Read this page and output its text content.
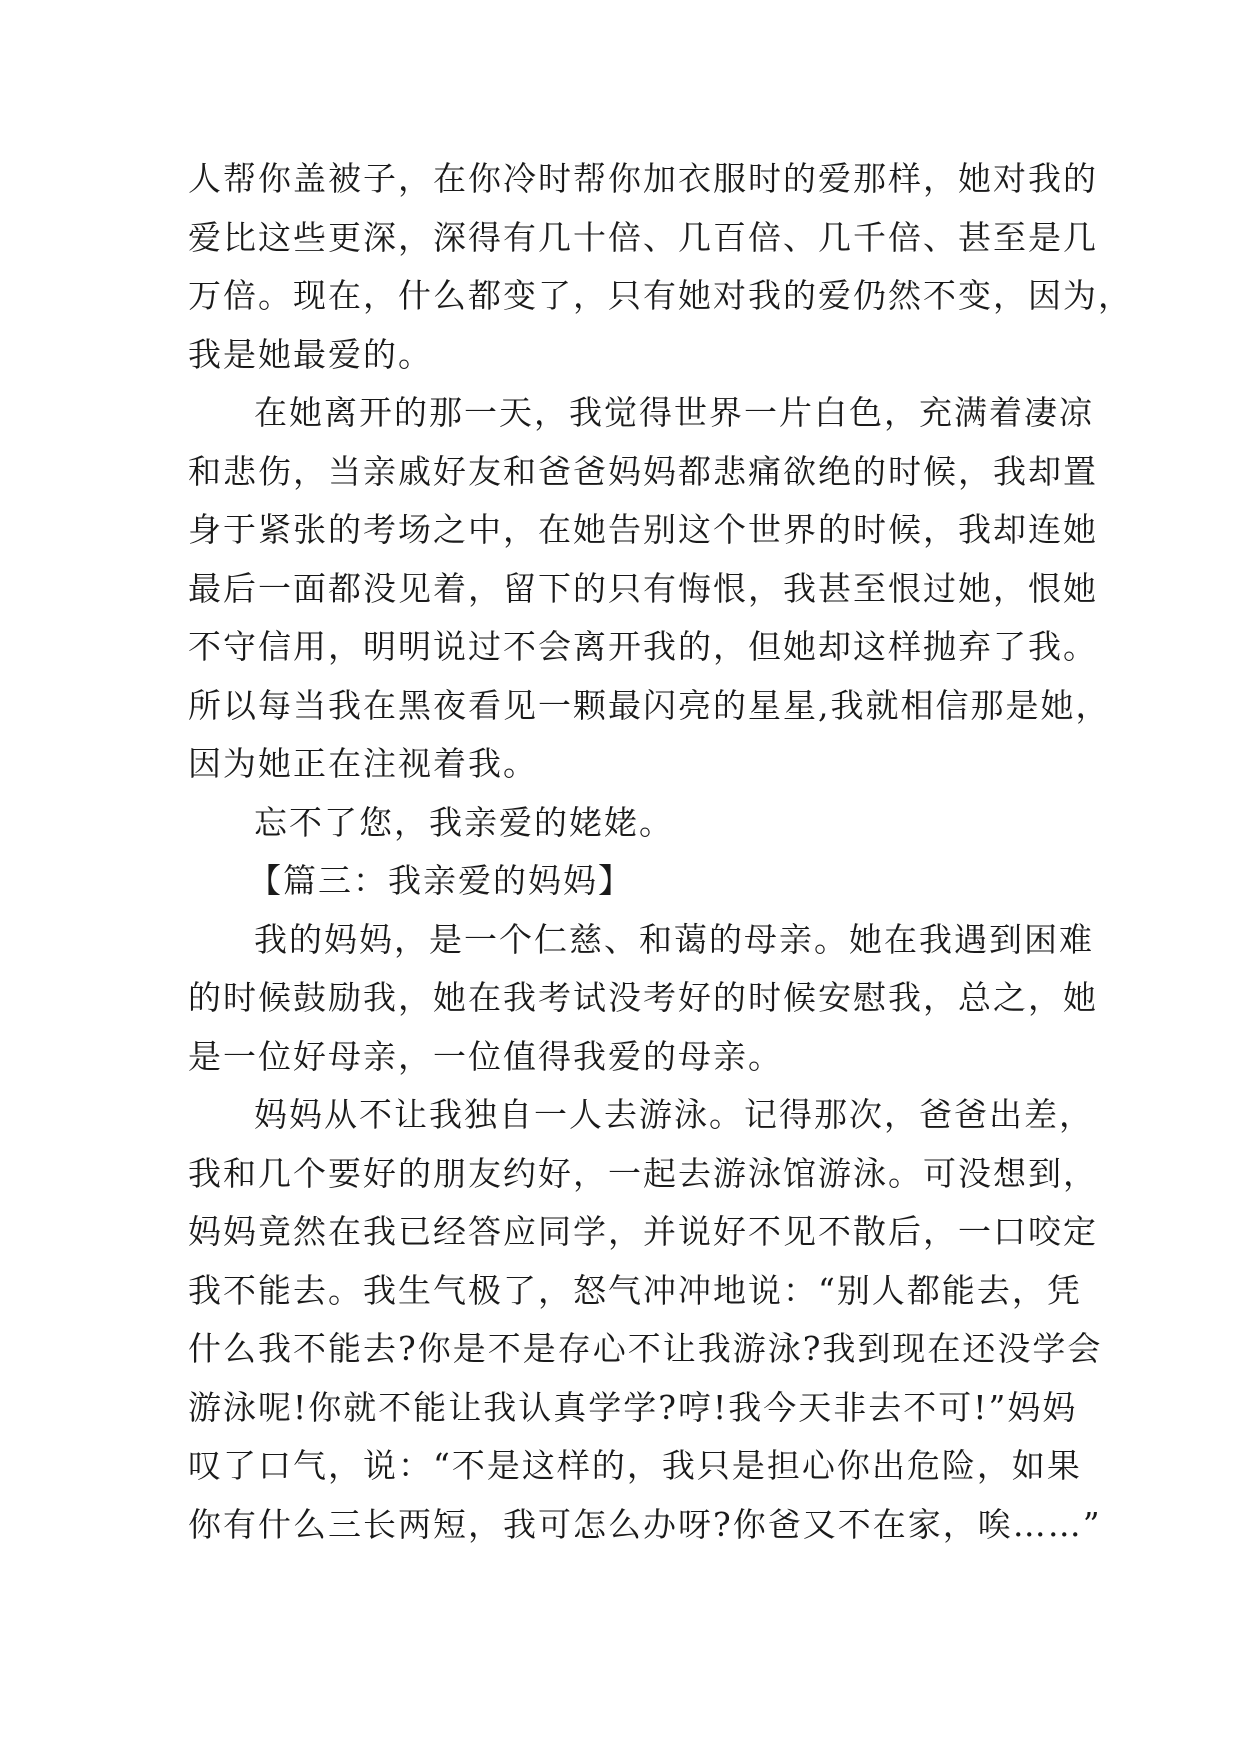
人帮你盖被子，在你冷时帮你加衣服时的爱那样，她对我的
爱比这些更深，深得有几十倍、几百倍、几千倍、甚至是几
万倍。现在，什么都变了，只有她对我的爱仍然不变，因为，
我是她最爱的。
在她离开的那一天，我觉得世界一片白色，充满着凄凉
和悲伤，当亲戚好友和爸爸妈妈都悲痛欲绝的时候，我却置
身于紧张的考场之中，在她告别这个世界的时候，我却连她
最后一面都没见着，留下的只有悔恨，我甚至恨过她，恨她
不守信用，明明说过不会离开我的，但她却这样抛弃了我。
所以每当我在黑夜看见一颗最闪亮的星星,我就相信那是她，
因为她正在注视着我。
忘不了您，我亲爱的姥姥。
【篇三：我亲爱的妈妈】
我的妈妈，是一个仁慈、和蔼的母亲。她在我遇到困难
的时候鼓励我，她在我考试没考好的时候安慰我，总之，她
是一位好母亲，一位值得我爱的母亲。
妈妈从不让我独自一人去游泳。记得那次，爸爸出差，
我和几个要好的朋友约好，一起去游泳馆游泳。可没想到，
妈妈竟然在我已经答应同学，并说好不见不散后，一口咬定
我不能去。我生气极了，怒气冲冲地说：“别人都能去，凭
什么我不能去?你是不是存心不让我游泳?我到现在还没学会
游泳呢!你就不能让我认真学学?哼!我今天非去不可!”妈妈
叹了口气，说：“不是这样的，我只是担心你出危险，如果
你有什么三长两短，我可怎么办呀?你爸又不在家，唉……”
